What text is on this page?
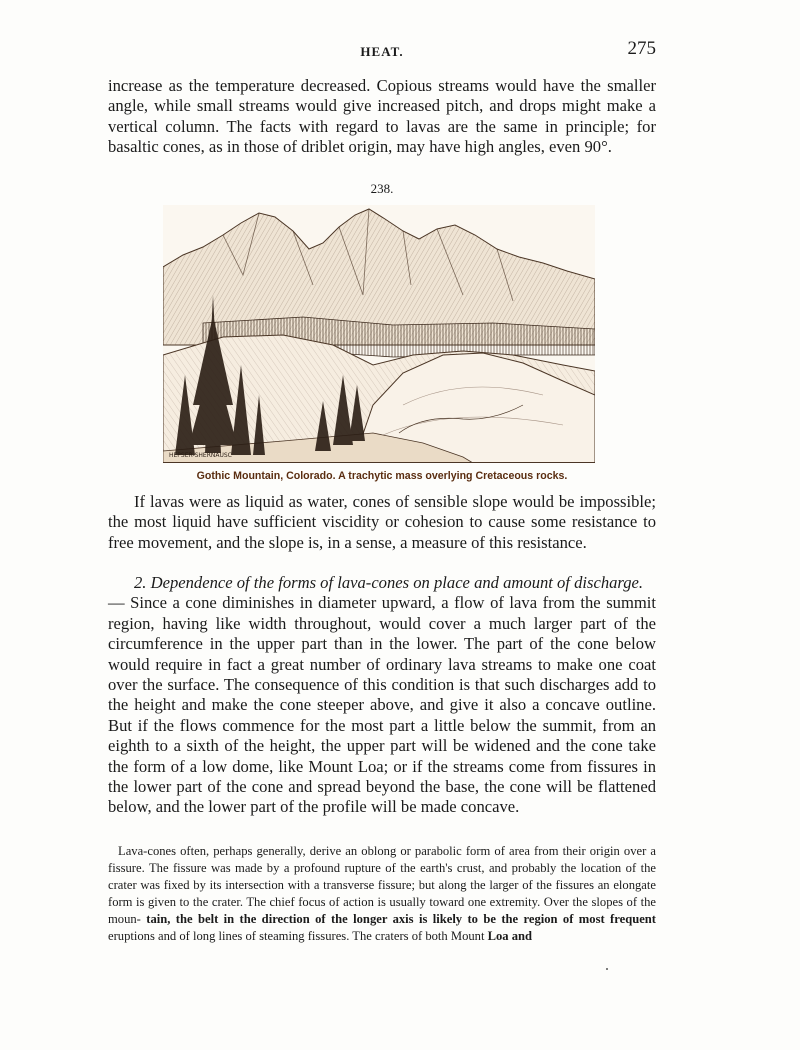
HEAT.	275

increase as the temperature decreased. Copious streams would have the smaller angle, while small streams would give increased pitch, and drops might make a vertical column. The facts with regard to lavas are the same in principle; for basaltic cones, as in those of driblet origin, may have high angles, even 90°.

238.
HEPSER-SHERNAUSC
Gothic Mountain, Colorado. A trachytic mass overlying Cretaceous rocks.

If lavas were as liquid as water, cones of sensible slope would be impossible; the most liquid have sufficient viscidity or cohesion to cause some resistance to free movement, and the slope is, in a sense, a measure of this resistance.

2. Dependence of the forms of lava-cones on place and amount of discharge.
— Since a cone diminishes in diameter upward, a flow of lava from the summit region, having like width throughout, would cover a much larger part of the circumference in the upper part than in the lower. The part of the cone below would require in fact a great number of ordinary lava streams to make one coat over the surface. The consequence of this condition is that such discharges add to the height and make the cone steeper above, and give it also a concave outline. But if the flows commence for the most part a little below the summit, from an eighth to a sixth of the height, the upper part will be widened and the cone take the form of a low dome, like Mount Loa; or if the streams come from fissures in the lower part of the cone and spread beyond the base, the cone will be flattened below, and the lower part of the profile will be made concave.

Lava-cones often, perhaps generally, derive an oblong or parabolic form of area from their origin over a fissure. The fissure was made by a profound rupture of the earth's crust, and probably the location of the crater was fixed by its intersection with a transverse fissure; but along the larger of the fissures an elongate form is given to the crater. The chief focus of action is usually toward one extremity. Over the slopes of the moun- tain, the belt in the direction of the longer axis is likely to be the region of most frequent eruptions and of long lines of steaming fissures. The craters of both Mount Loa and
